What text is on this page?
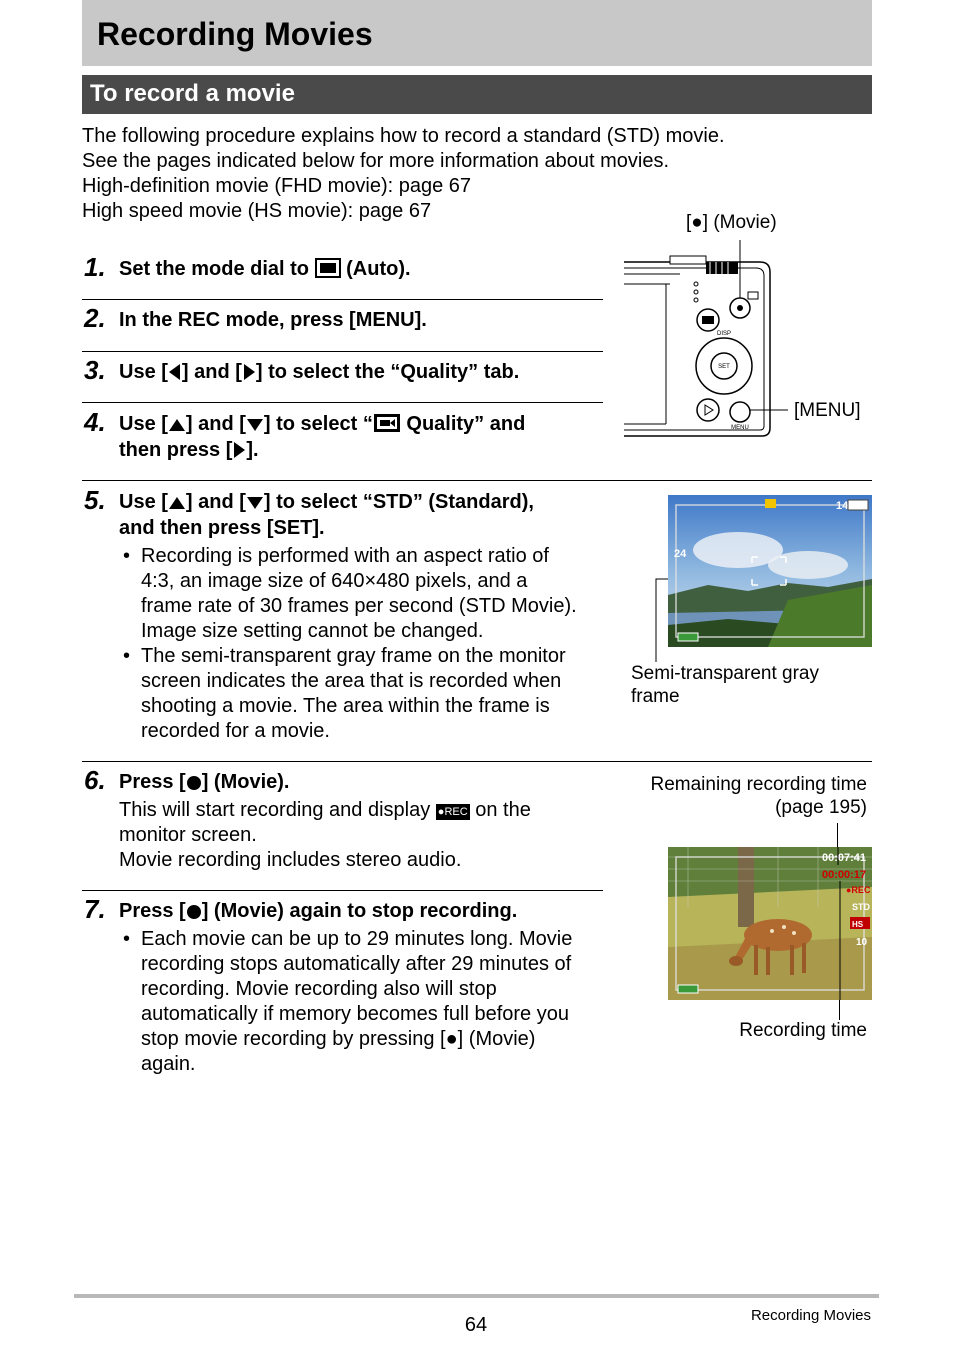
Recording Movies
To record a movie
The following procedure explains how to record a standard (STD) movie.
See the pages indicated below for more information about movies.
High-definition movie (FHD movie): page 67
High speed movie (HS movie): page 67
1. Set the mode dial to  (Auto).
2. In the REC mode, press [MENU].
3. Use [ ] and [ ] to select the “Quality” tab.
4. Use [ ] and [ ] to select “ Quality” and
then press [ ].
DISP
SET
MENU
[●] (Movie)
[MENU]
5. Use [ ] and [ ] to select “STD” (Standard),
and then press [SET].
• Recording is performed with an aspect ratio of 4:3, an image size of 640×480 pixels, and a frame rate of 30 frames per second (STD Movie). Image size setting cannot be changed.
• The semi-transparent gray frame on the monitor screen indicates the area that is recorded when shooting a movie. The area within the frame is recorded for a movie.
14
24
Semi-transparent gray
frame
6. Press [ ] (Movie).
This will start recording and display ●REC on the
monitor screen.
Movie recording includes stereo audio.
Remaining recording time
(page 195)
00:07:41
00:00:17
●REC
STD
HS
10
Recording time
7. Press [ ] (Movie) again to stop recording.
• Each movie can be up to 29 minutes long. Movie recording stops automatically after 29 minutes of recording. Movie recording also will stop automatically if memory becomes full before you stop movie recording by pressing [●] (Movie) again.
64	Recording Movies
